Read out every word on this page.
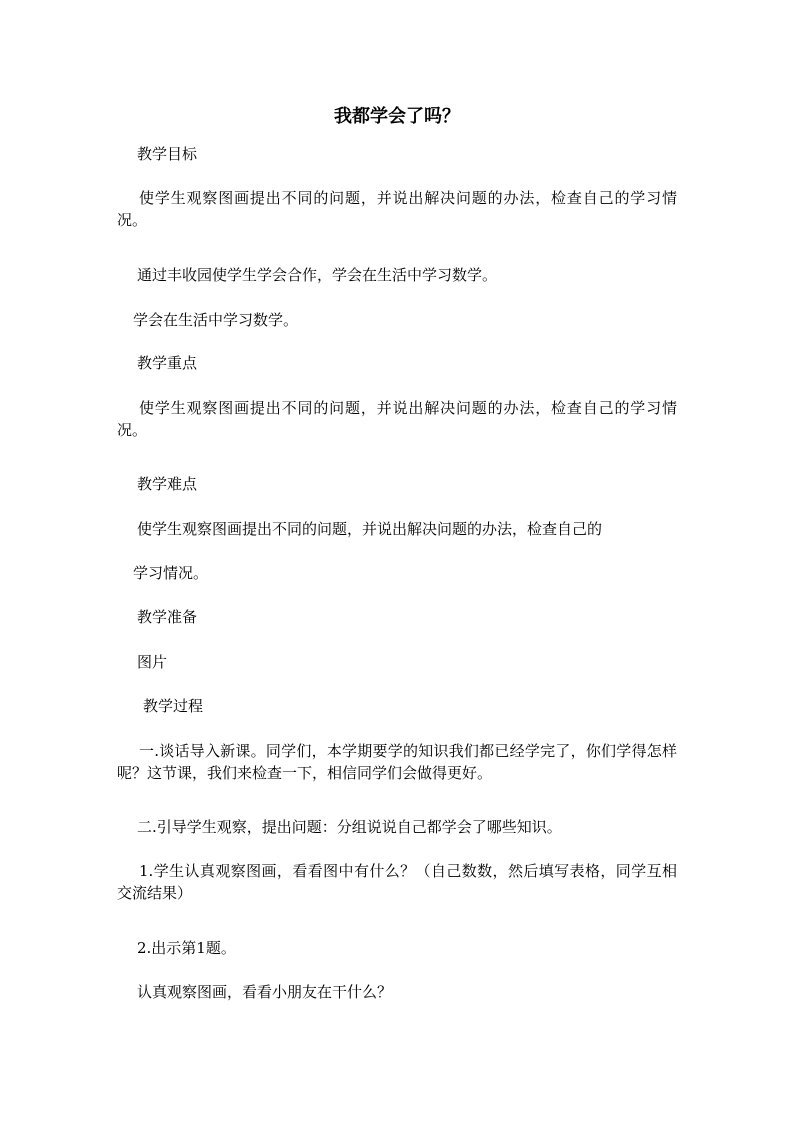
我都学会了吗？
教学目标
使学生观察图画提出不同的问题，并说出解决问题的办法，检查自己的学习情况。
通过丰收园使学生学会合作，学会在生活中学习数学。
学会在生活中学习数学。
教学重点
使学生观察图画提出不同的问题，并说出解决问题的办法，检查自己的学习情况。
教学难点
使学生观察图画提出不同的问题，并说出解决问题的办法，检查自己的
学习情况。
教学准备
图片
教学过程
一.谈话导入新课。同学们，本学期要学的知识我们都已经学完了，你们学得怎样呢？这节课，我们来检查一下，相信同学们会做得更好。
二.引导学生观察，提出问题：分组说说自己都学会了哪些知识。
1.学生认真观察图画，看看图中有什么？（自己数数，然后填写表格，同学互相交流结果）
2.出示第1题。
认真观察图画，看看小朋友在干什么？
